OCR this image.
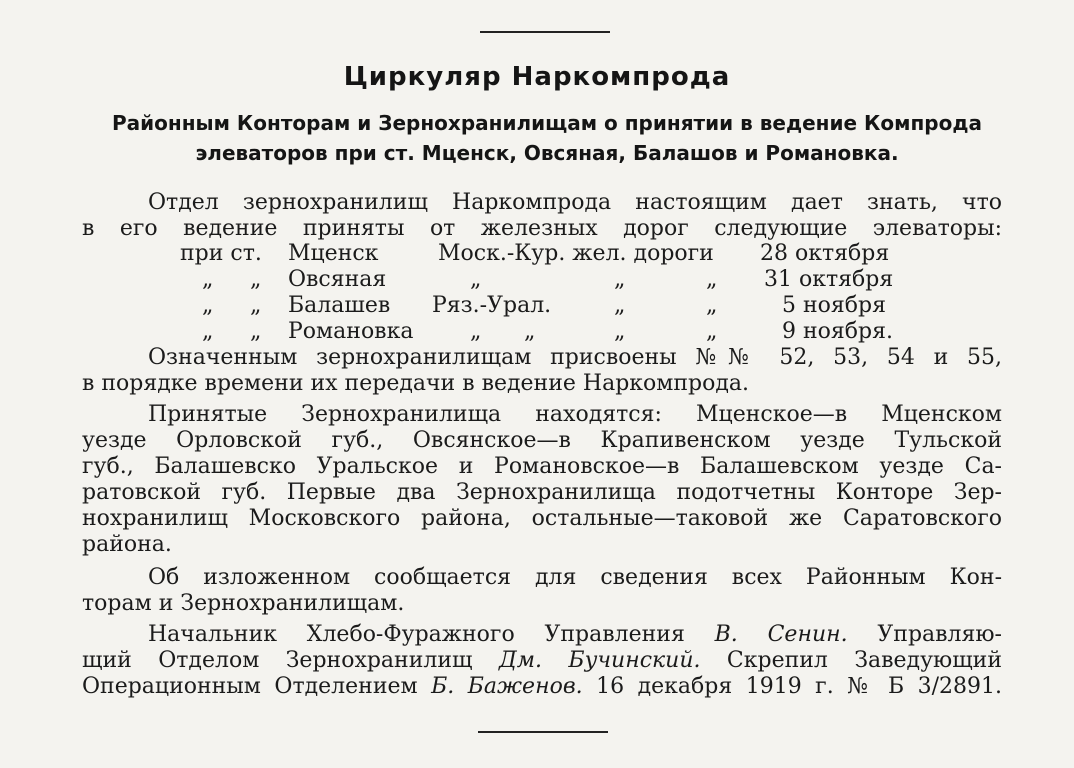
Циркуляр Наркомпрода
Районным Конторам и Зернохранилищам о принятии в ведение Компрода элеваторов при ст. Мценск, Овсяная, Балашов и Романовка.
Отдел зернохранилищ Наркомпрода настоящим дает знать, что
в его ведение приняты от железных дорог следующие элеваторы:
при ст. Мценск	Моск.-Кур. жел. дороги 28 октября
„ „ Овсяная	„	„	„ 31 октября
„ „ Балашев Ряз.-Урал.	„	„	5 ноября
„ „ Романовка	„ „	„	„	9 ноября.
Означенным зернохранилищам присвоены №№ 52, 53, 54 и 55,
в порядке времени их передачи в ведение Наркомпрода.
Принятые Зернохранилища находятся: Мценское—в Мценском
уезде Орловской губ., Овсянское—в Крапивенском уезде Тульской
губ., Балашевско Уральское и Романовское—в Балашевском уезде Са-
ратовской губ. Первые два Зернохранилища подотчетны Конторе Зер-
нохранилищ Московского района, остальные—таковой же Саратовского
района.
Об изложенном сообщается для сведения всех Районным Кон-
торам и Зернохранилищам.
Начальник Хлебо-Фуражного Управления В. Сенин. Управляю-
щий Отделом Зернохранилищ Дм. Бучинский. Скрепил Заведующий
Операционным Отделением Б. Баженов. 16 декабря 1919 г. № Б 3/2891.
